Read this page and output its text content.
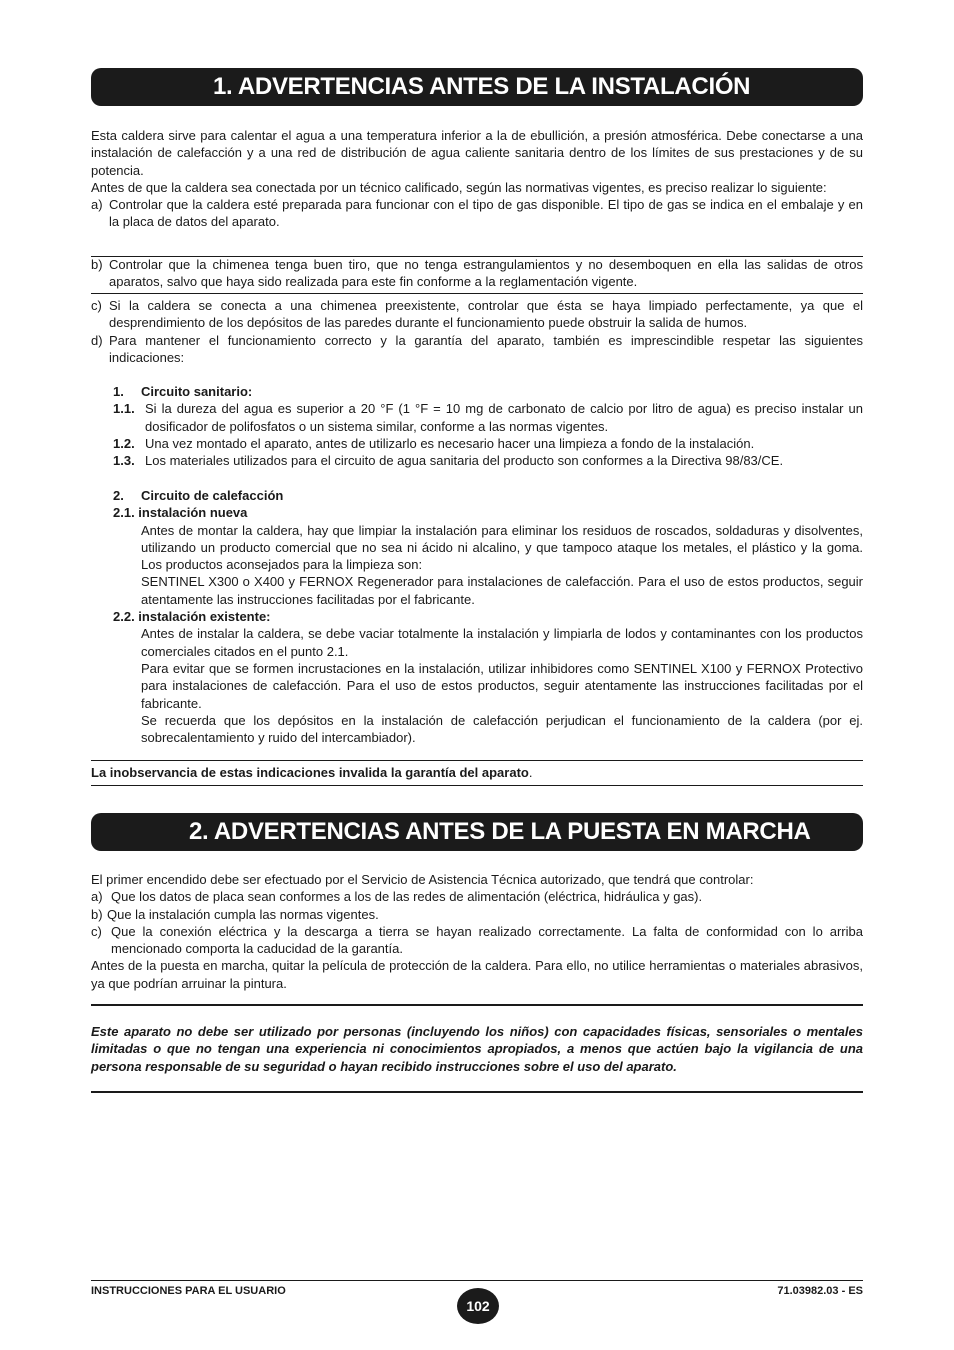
1. ADVERTENCIAS ANTES DE LA INSTALACIÓN

Esta caldera sirve para calentar el agua a una temperatura inferior a la de ebullición, a presión atmosférica. Debe conectarse a una instalación de calefacción y a una red de distribución de agua caliente sanitaria dentro de los límites de sus prestaciones y de su potencia.

Antes de que la caldera sea conectada por un técnico calificado, según las normativas vigentes, es preciso realizar lo siguiente:

a) Controlar que la caldera esté preparada para funcionar con el tipo de gas disponible. El tipo de gas se indica en el embalaje y en la placa de datos del aparato.
b) Controlar que la chimenea tenga buen tiro, que no tenga estrangulamientos y no desemboquen en ella las salidas de otros aparatos, salvo que haya sido realizada para este fin conforme a la reglamentación vigente.
c) Si la caldera se conecta a una chimenea preexistente, controlar que ésta se haya limpiado perfectamente, ya que el desprendimiento de los depósitos de las paredes durante el funcionamiento puede obstruir la salida de humos.
d) Para mantener el funcionamiento correcto y la garantía del aparato, también es imprescindible respetar las siguientes indicaciones:
1. Circuito sanitario:
1.1. Si la dureza del agua es superior a 20 °F (1 °F = 10 mg de carbonato de calcio por litro de agua) es preciso instalar un dosificador de polifosfatos o un sistema similar, conforme a las normas vigentes.
1.2. Una vez montado el aparato, antes de utilizarlo es necesario hacer una limpieza a fondo de la instalación.
1.3. Los materiales utilizados para el circuito de agua sanitaria del producto son conformes a la Directiva 98/83/CE.
2. Circuito de calefacción
2.1. instalación nueva

Antes de montar la caldera, hay que limpiar la instalación para eliminar los residuos de roscados, soldaduras y disolventes, utilizando un producto comercial que no sea ni ácido ni alcalino, y que tampoco ataque los metales, el plástico y la goma. Los productos aconsejados para la limpieza son:

SENTINEL X300 o X400 y FERNOX Regenerador para instalaciones de calefacción. Para el uso de estos productos, seguir atentamente las instrucciones facilitadas por el fabricante.

2.2. instalación existente:

Antes de instalar la caldera, se debe vaciar totalmente la instalación y limpiarla de lodos y contaminantes con los productos comerciales citados en el punto 2.1.

Para evitar que se formen incrustaciones en la instalación, utilizar inhibidores como SENTINEL X100 y FERNOX Protectivo para instalaciones de calefacción. Para el uso de estos productos, seguir atentamente las instrucciones facilitadas por el fabricante.

Se recuerda que los depósitos en la instalación de calefacción perjudican el funcionamiento de la caldera (por ej. sobrecalentamiento y ruido del intercambiador).

La inobservancia de estas indicaciones invalida la garantía del aparato.
2. ADVERTENCIAS ANTES DE LA PUESTA EN MARCHA

El primer encendido debe ser efectuado por el Servicio de Asistencia Técnica autorizado, que tendrá que controlar:

a) Que los datos de placa sean conformes a los de las redes de alimentación (eléctrica, hidráulica y gas).
b) Que la instalación cumpla las normas vigentes.
c) Que la conexión eléctrica y la descarga a tierra se hayan realizado correctamente. La falta de conformidad con lo arriba mencionado comporta la caducidad de la garantía.

Antes de la puesta en marcha, quitar la película de protección de la caldera. Para ello, no utilice herramientas o materiales abrasivos, ya que podrían arruinar la pintura.

Este aparato no debe ser utilizado por personas (incluyendo los niños) con capacidades físicas, sensoriales o mentales limitadas o que no tengan una experiencia ni conocimientos apropiados, a menos que actúen bajo la vigilancia de una persona responsable de su seguridad o hayan recibido instrucciones sobre el uso del aparato.

INSTRUCCIONES PARA EL USUARIO
102
71.03982.03 - ES
